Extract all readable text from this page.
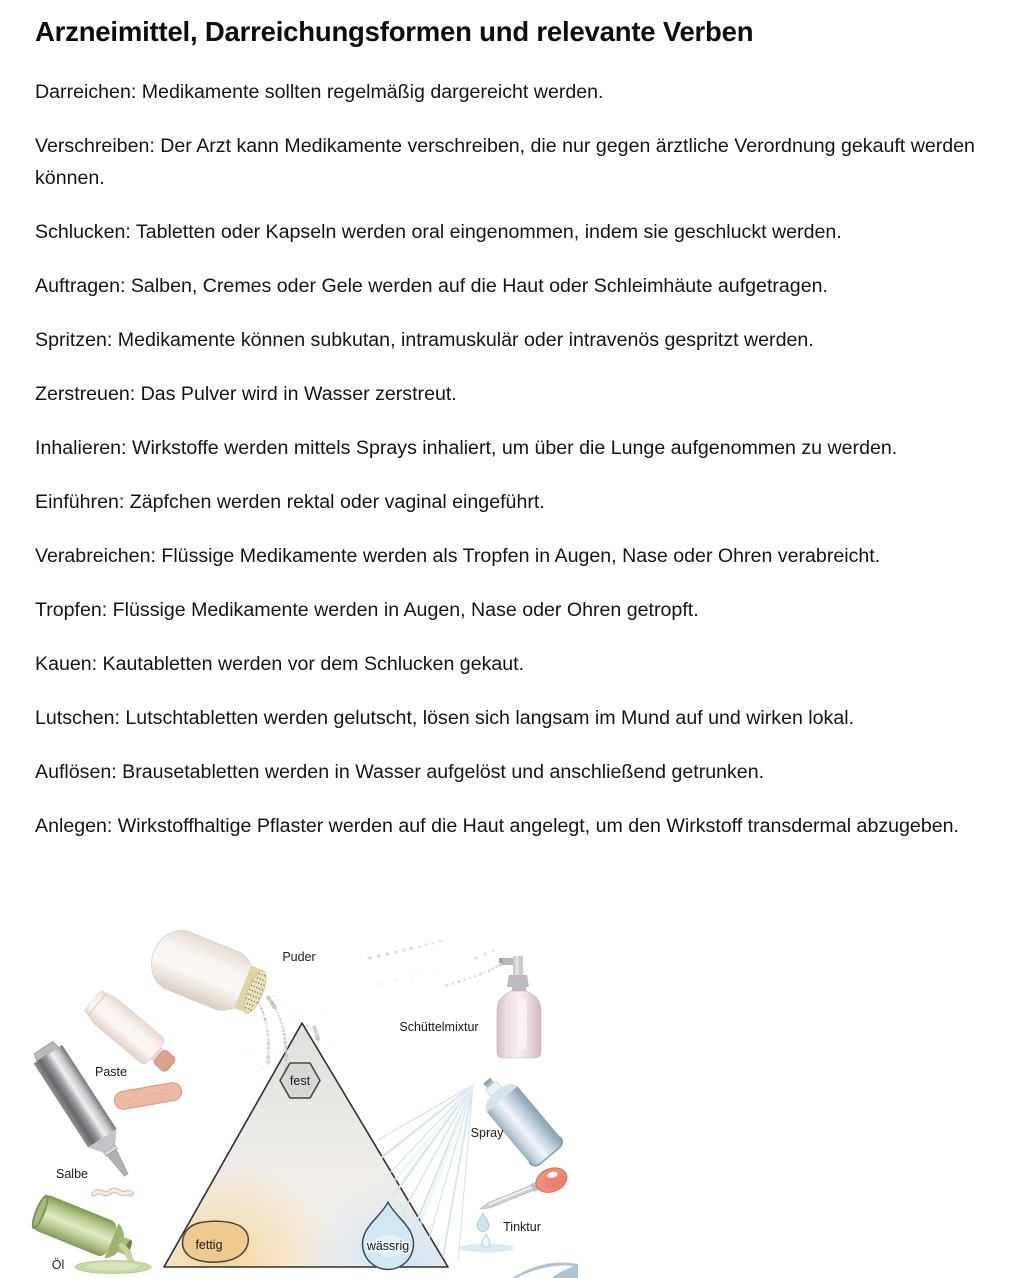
Arzneimittel, Darreichungsformen und relevante Verben

Darreichen: Medikamente sollten regelmäßig dargereicht werden.

Verschreiben: Der Arzt kann Medikamente verschreiben, die nur gegen ärztliche Verordnung gekauft werden können.

Schlucken: Tabletten oder Kapseln werden oral eingenommen, indem sie geschluckt werden.

Auftragen: Salben, Cremes oder Gele werden auf die Haut oder Schleimhäute aufgetragen.

Spritzen: Medikamente können subkutan, intramuskulär oder intravenös gespritzt werden.

Zerstreuen: Das Pulver wird in Wasser zerstreut.

Inhalieren: Wirkstoffe werden mittels Sprays inhaliert, um über die Lunge aufgenommen zu werden.

Einführen: Zäpfchen werden rektal oder vaginal eingeführt.

Verabreichen: Flüssige Medikamente werden als Tropfen in Augen, Nase oder Ohren verabreicht.

Tropfen: Flüssige Medikamente werden in Augen, Nase oder Ohren getropft.

Kauen: Kautabletten werden vor dem Schlucken gekaut.

Lutschen: Lutschtabletten werden gelutscht, lösen sich langsam im Mund auf und wirken lokal.

Auflösen: Brausetabletten werden in Wasser aufgelöst und anschließend getrunken.

Anlegen: Wirkstoffhaltige Pflaster werden auf die Haut angelegt, um den Wirkstoff transdermal abzugeben.

fest
fettig	wässrig
Puder
Schüttelmixtur
Paste
Salbe
Öl
Spray
Tinktur
